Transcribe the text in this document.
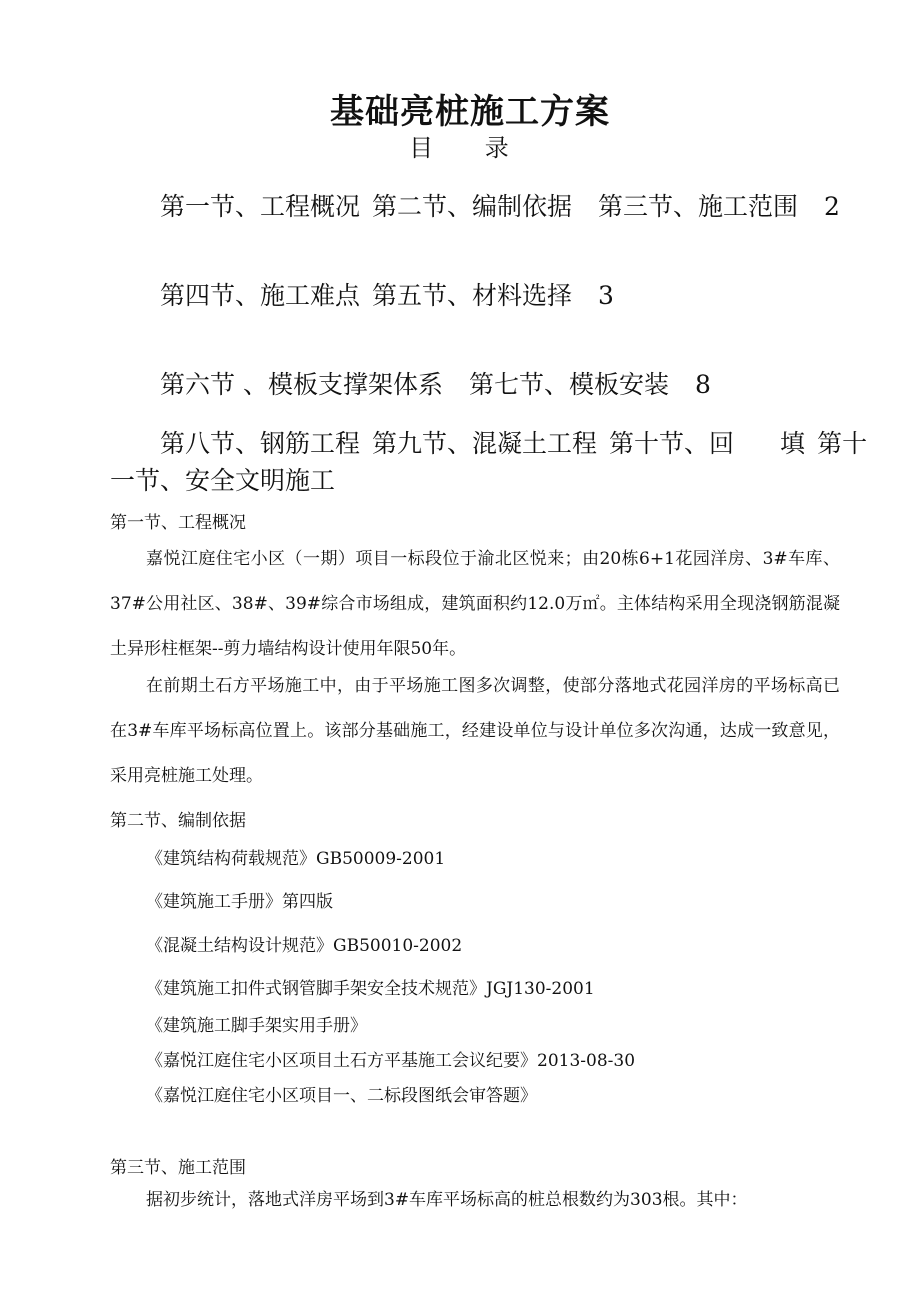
基础亮桩施工方案
目 录
第一节、工程概况 第二节、编制依据 第三节、施工范围 2
第四节、施工难点 第五节、材料选择 3
第六节 、模板支撑架体系 第七节、模板安装 8
第八节、钢筋工程 第九节、混凝土工程 第十节、回 填 第十
一节、安全文明施工
第一节、工程概况
嘉悦江庭住宅小区（一期）项目一标段位于渝北区悦来；由20栋6+1花园洋房、3#车库、37#公用社区、38#、39#综合市场组成，建筑面积约12.0万㎡。主体结构采用全现浇钢筋混凝土异形柱框架--剪力墙结构设计使用年限50年。
在前期土石方平场施工中，由于平场施工图多次调整，使部分落地式花园洋房的平场标高已在3#车库平场标高位置上。该部分基础施工，经建设单位与设计单位多次沟通，达成一致意见，采用亮桩施工处理。
第二节、编制依据
《建筑结构荷载规范》GB50009-2001
《建筑施工手册》第四版
《混凝土结构设计规范》GB50010-2002
《建筑施工扣件式钢管脚手架安全技术规范》JGJ130-2001
《建筑施工脚手架实用手册》
《嘉悦江庭住宅小区项目土石方平基施工会议纪要》2013-08-30
《嘉悦江庭住宅小区项目一、二标段图纸会审答题》
第三节、施工范围
据初步统计，落地式洋房平场到3#车库平场标高的桩总根数约为303根。其中：
